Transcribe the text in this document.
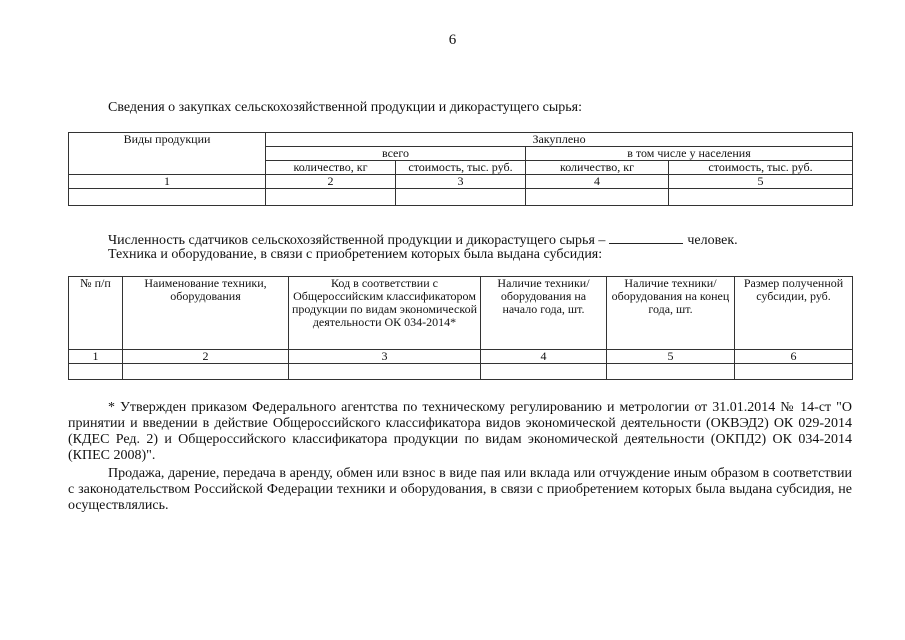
6
Сведения о закупках сельскохозяйственной продукции и дикорастущего сырья:
Виды продукции	Закуплено			
	всего		в том числе у населения	
	количество, кг	стоимость, тыс. руб.	количество, кг	стоимость, тыс. руб.
1	2	3	4	5

Численность сдатчиков сельскохозяйственной продукции и дикорастущего сырья –	человек.
Техника и оборудование, в связи с приобретением которых была выдана субсидия:
№ п/п	Наименование техники, оборудования	Код в соответствии с Общероссийским классификатором продукции по видам экономической деятельности ОК 034-2014*	Наличие техники/ оборудования на начало года, шт.	Наличие техники/ оборудования на конец года, шт.	Размер полученной субсидии, руб.
1	2	3	4	5	6

* Утвержден приказом Федерального агентства по техническому регулированию и метрологии от 31.01.2014 № 14-ст "О принятии и введении в действие Общероссийского классификатора видов экономической деятельности (ОКВЭД2) ОК 029-2014 (КДЕС Ред. 2) и Общероссийского классификатора продукции по видам экономической деятельности (ОКПД2) ОК 034-2014 (КПЕС 2008)".
Продажа, дарение, передача в аренду, обмен или взнос в виде пая или вклада или отчуждение иным образом в соответствии с законодательством Российской Федерации техники и оборудования, в связи с приобретением которых была выдана субсидия, не осуществлялись.
